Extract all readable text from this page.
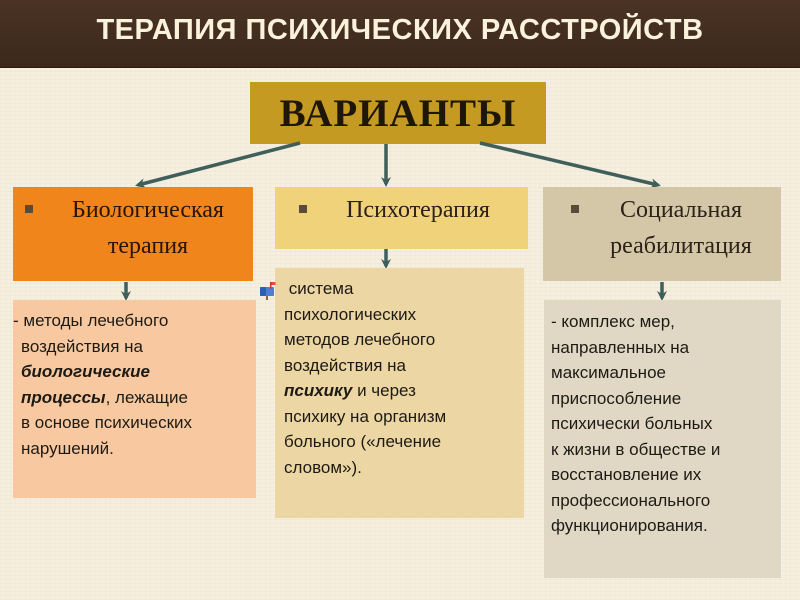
ТЕРАПИЯ ПСИХИЧЕСКИХ РАССТРОЙСТВ
ВАРИАНТЫ
Биологическая
терапия
Психотерапия	Социальная
реабилитация
- методы лечебного
воздействия на
биологические
процессы, лежащие
в основе психических
нарушений.
система
психологических
методов лечебного
воздействия на
психику и через
психику на организм
больного («лечение
словом»).
- комплекс мер,
направленных на
максимальное
приспособление
психически больных
к жизни в обществе и
восстановление их
профессионального
функционирования.
